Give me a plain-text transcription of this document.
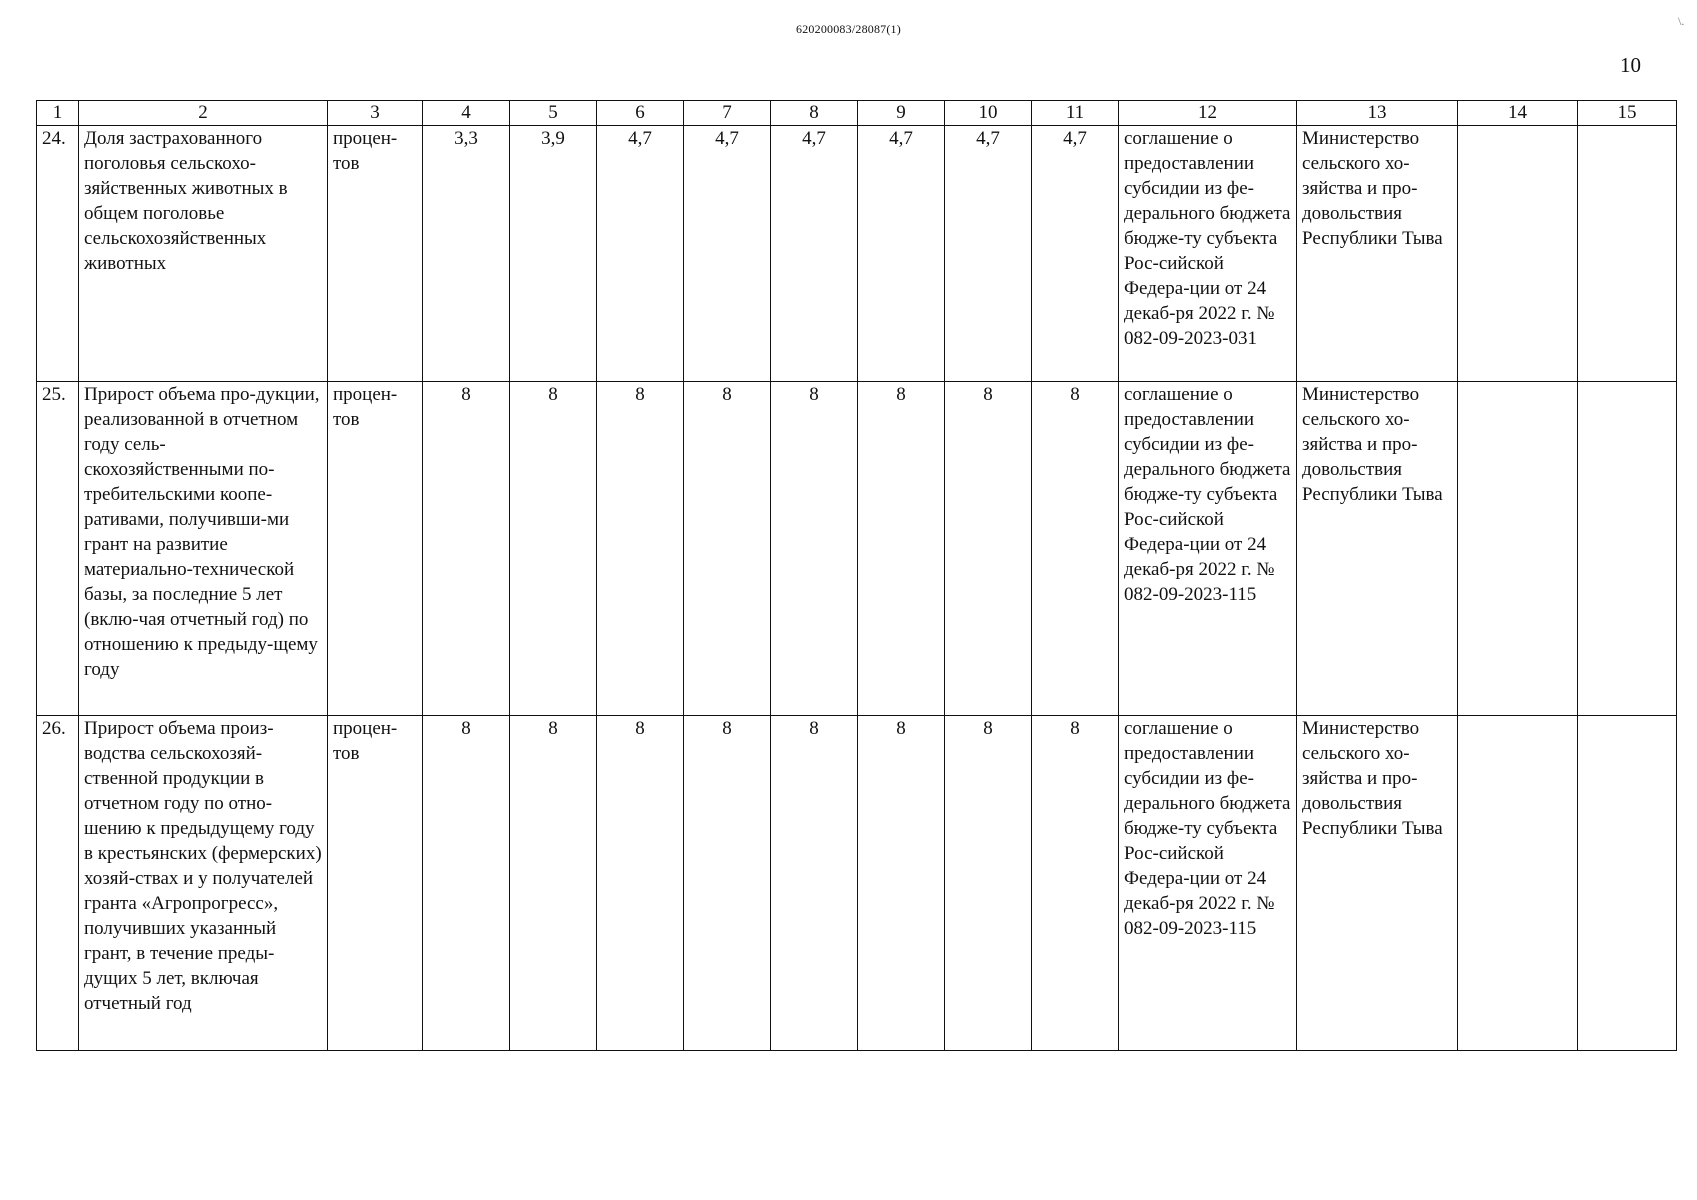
620200083/28087(1)
10
\.
1	2	3	4	5	6	7	8	9	10	11	12	13	14	15
24.	Доля застрахованного поголовья сельскохо-зяйственных животных в общем поголовье сельскохозяйственных животных	процен-тов	3,3	3,9	4,7	4,7	4,7	4,7	4,7	4,7	соглашение о предоставлении субсидии из фе-дерального бюджета бюдже-ту субъекта Рос-сийской Федера-ции от 24 декаб-ря 2022 г. № 082-09-2023-031	Министерство сельского хо-зяйства и про-довольствия Республики Тыва		
25.	Прирост объема про-дукции, реализованной в отчетном году сель-скохозяйственными по-требительскими коопе-ративами, получивши-ми грант на развитие материально-технической базы, за последние 5 лет (вклю-чая отчетный год) по отношению к предыду-щему году	процен-тов	8	8	8	8	8	8	8	8	соглашение о предоставлении субсидии из фе-дерального бюджета бюдже-ту субъекта Рос-сийской Федера-ции от 24 декаб-ря 2022 г. № 082-09-2023-115	Министерство сельского хо-зяйства и про-довольствия Республики Тыва		
26.	Прирост объема произ-водства сельскохозяй-ственной продукции в отчетном году по отно-шению к предыдущему году в крестьянских (фермерских) хозяй-ствах и у получателей гранта «Агропрогресс», получивших указанный грант, в течение преды-дущих 5 лет, включая отчетный год	процен-тов	8	8	8	8	8	8	8	8	соглашение о предоставлении субсидии из фе-дерального бюджета бюдже-ту субъекта Рос-сийской Федера-ции от 24 декаб-ря 2022 г. № 082-09-2023-115	Министерство сельского хо-зяйства и про-довольствия Республики Тыва		
